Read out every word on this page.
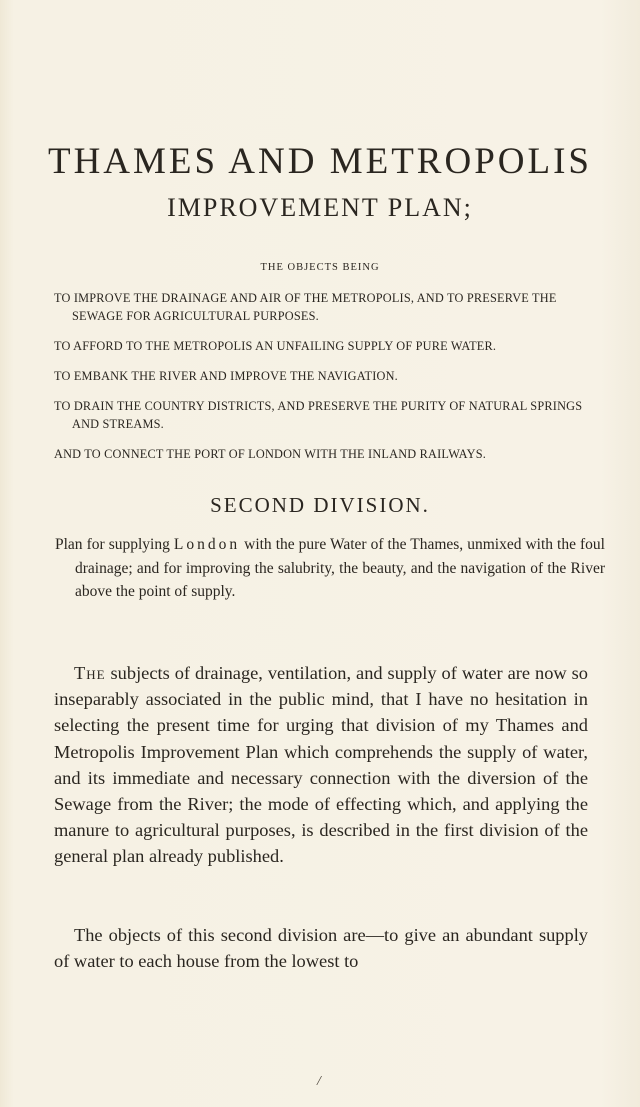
THAMES AND METROPOLIS
IMPROVEMENT PLAN;
THE OBJECTS BEING
TO IMPROVE THE DRAINAGE AND AIR OF THE METROPOLIS, AND TO PRESERVE THE SEWAGE FOR AGRICULTURAL PURPOSES.
TO AFFORD TO THE METROPOLIS AN UNFAILING SUPPLY OF PURE WATER.
TO EMBANK THE RIVER AND IMPROVE THE NAVIGATION.
TO DRAIN THE COUNTRY DISTRICTS, AND PRESERVE THE PURITY OF NATURAL SPRINGS AND STREAMS.
AND TO CONNECT THE PORT OF LONDON WITH THE INLAND RAILWAYS.
SECOND DIVISION.

Plan for supplying London with the pure Water of the Thames, unmixed with the foul drainage; and for improving the salubrity, the beauty, and the navigation of the River above the point of supply.

The subjects of drainage, ventilation, and supply of water are now so inseparably associated in the public mind, that I have no hesitation in selecting the present time for urging that division of my Thames and Metropolis Improvement Plan which comprehends the supply of water, and its immediate and necessary connection with the diversion of the Sewage from the River; the mode of effecting which, and applying the manure to agricultural purposes, is described in the first division of the general plan already published.

The objects of this second division are—to give an abundant supply of water to each house from the lowest to

/
